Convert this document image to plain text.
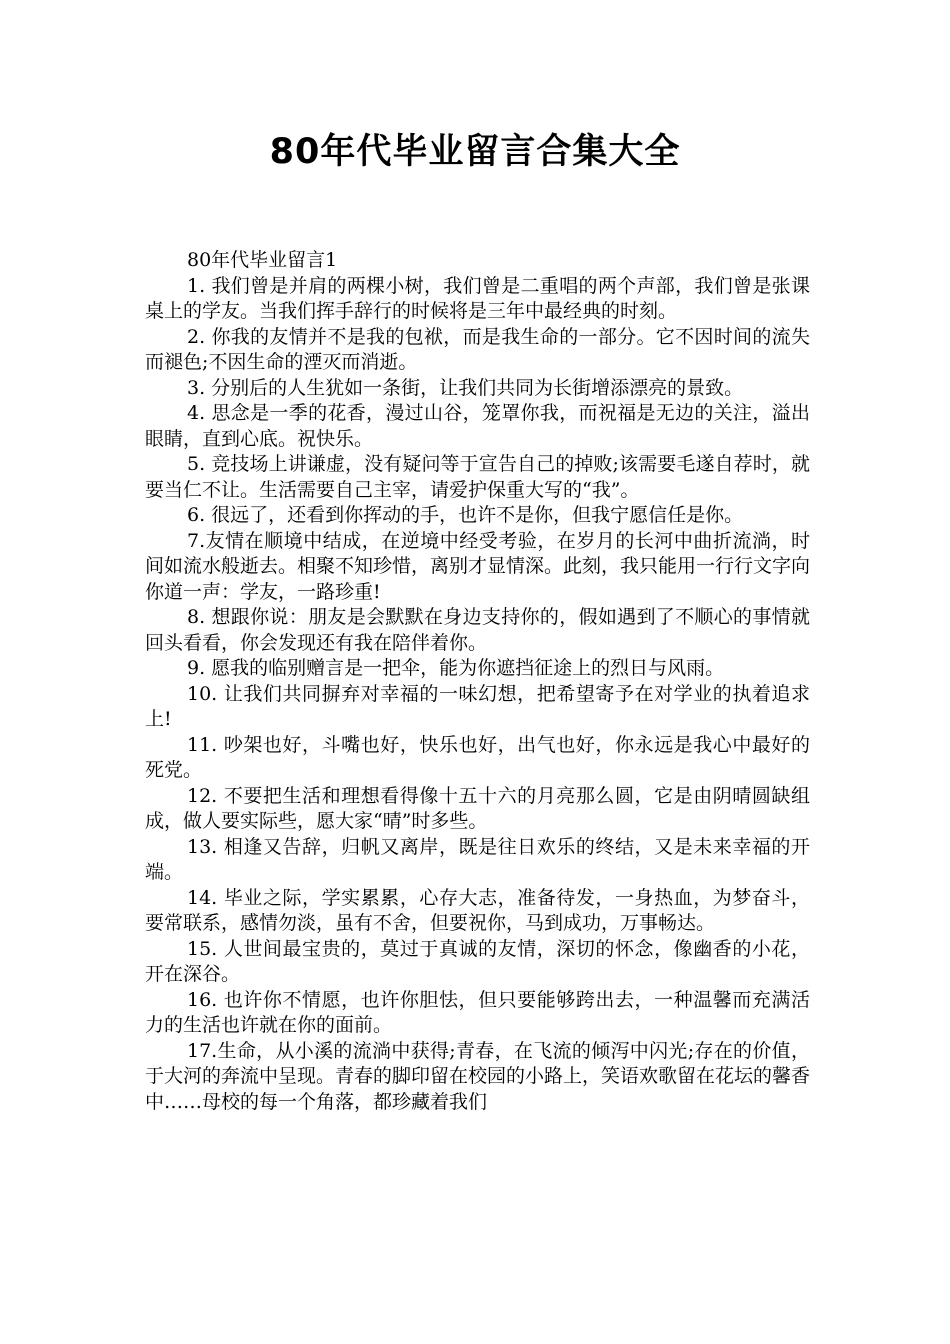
80年代毕业留言合集大全

80年代毕业留言1

1. 我们曾是并肩的两棵小树，我们曾是二重唱的两个声部，我们曾是张课桌上的学友。当我们挥手辞行的时候将是三年中最经典的时刻。

2. 你我的友情并不是我的包袱，而是我生命的一部分。它不因时间的流失而褪色;不因生命的湮灭而消逝。

3. 分别后的人生犹如一条街，让我们共同为长街增添漂亮的景致。

4. 思念是一季的花香，漫过山谷，笼罩你我，而祝福是无边的关注，溢出眼睛，直到心底。祝快乐。

5. 竞技场上讲谦虚，没有疑问等于宣告自己的掉败;该需要毛遂自荐时，就要当仁不让。生活需要自己主宰，请爱护保重大写的“我”。

6. 很远了，还看到你挥动的手，也许不是你，但我宁愿信任是你。

7.友情在顺境中结成，在逆境中经受考验，在岁月的长河中曲折流淌，时间如流水般逝去。相聚不知珍惜，离别才显情深。此刻，我只能用一行行文字向你道一声：学友，一路珍重!

8. 想跟你说：朋友是会默默在身边支持你的，假如遇到了不顺心的事情就回头看看，你会发现还有我在陪伴着你。

9. 愿我的临别赠言是一把伞，能为你遮挡征途上的烈日与风雨。

10. 让我们共同摒弃对幸福的一味幻想，把希望寄予在对学业的执着追求上!

11. 吵架也好，斗嘴也好，快乐也好，出气也好，你永远是我心中最好的死党。

12. 不要把生活和理想看得像十五十六的月亮那么圆，它是由阴晴圆缺组成，做人要实际些，愿大家“晴”时多些。

13. 相逢又告辞，归帆又离岸，既是往日欢乐的终结，又是未来幸福的开端。

14. 毕业之际，学实累累，心存大志，准备待发，一身热血，为梦奋斗，要常联系，感情勿淡，虽有不舍，但要祝你，马到成功，万事畅达。

15. 人世间最宝贵的，莫过于真诚的友情，深切的怀念，像幽香的小花，开在深谷。

16. 也许你不情愿，也许你胆怯，但只要能够跨出去，一种温馨而充满活力的生活也许就在你的面前。

17.生命，从小溪的流淌中获得;青春，在飞流的倾泻中闪光;存在的价值，于大河的奔流中呈现。青春的脚印留在校园的小路上，笑语欢歌留在花坛的馨香中……母校的每一个角落，都珍藏着我们
